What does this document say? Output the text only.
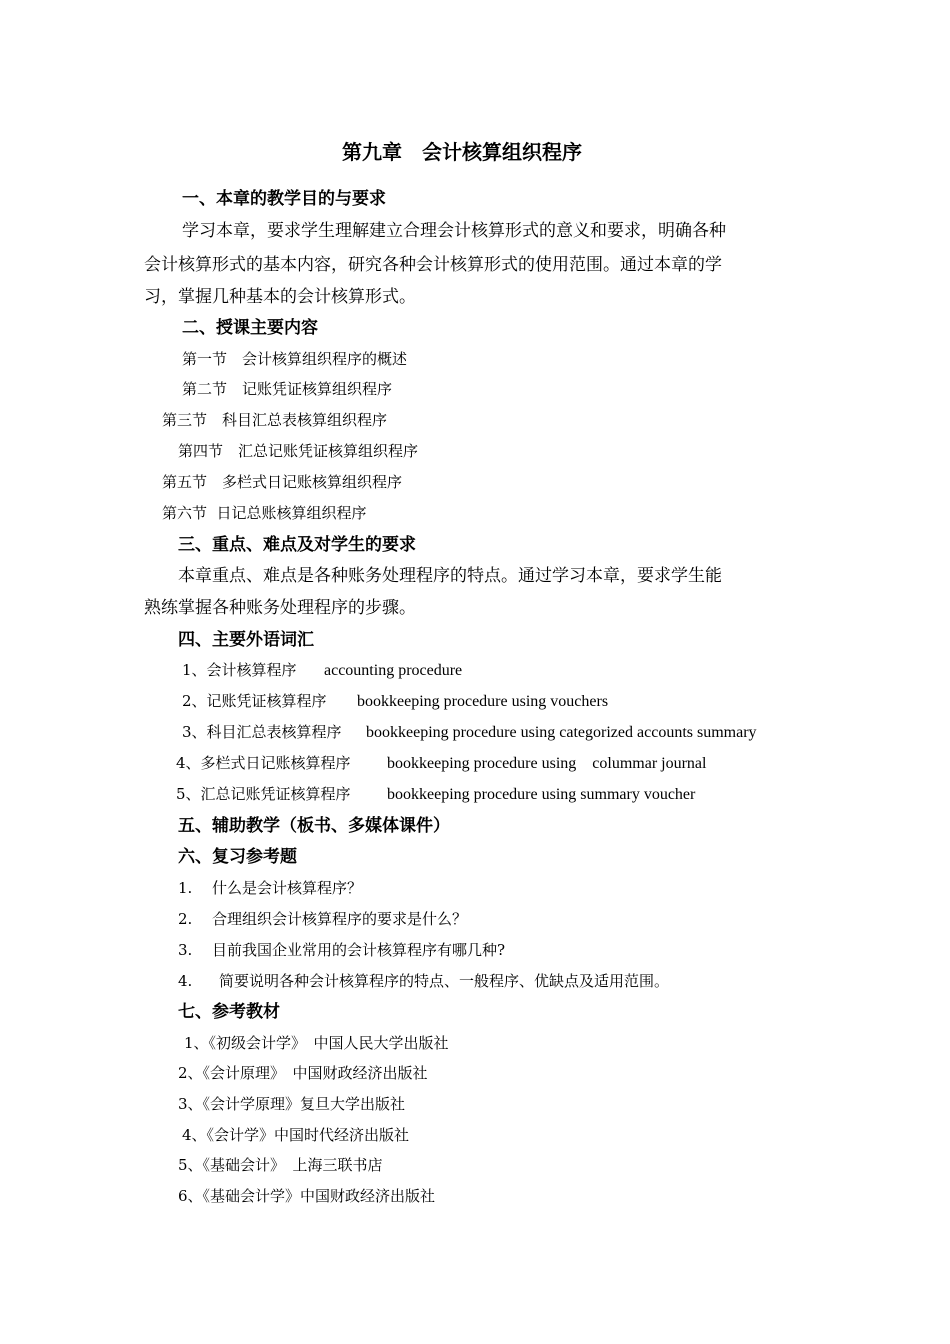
第九章　会计核算组织程序
一、本章的教学目的与要求
学习本章，要求学生理解建立合理会计核算形式的意义和要求，明确各种
会计核算形式的基本内容，研究各种会计核算形式的使用范围。通过本章的学
习，掌握几种基本的会计核算形式。
二、授课主要内容
第一节　会计核算组织程序的概述
第二节　记账凭证核算组织程序
第三节　科目汇总表核算组织程序
第四节　汇总记账凭证核算组织程序
第五节　多栏式日记账核算组织程序
第六节  日记总账核算组织程序
三、重点、难点及对学生的要求
本章重点、难点是各种账务处理程序的特点。通过学习本章，要求学生能
熟练掌握各种账务处理程序的步骤。
四、主要外语词汇
1、会计核算程序 accounting procedure
2、记账凭证核算程序 bookkeeping procedure using vouchers
3、科目汇总表核算程序 bookkeeping procedure using categorized accounts summary
4、多栏式日记账核算程序 bookkeeping procedure using    colummar journal
5、汇总记账凭证核算程序 bookkeeping procedure using summary voucher
五、辅助教学（板书、多媒体课件）
六、复习参考题
1. 什么是会计核算程序？
2. 合理组织会计核算程序的要求是什么？
3. 目前我国企业常用的会计核算程序有哪几种?
4. 简要说明各种会计核算程序的特点、一般程序、优缺点及适用范围。
七、参考教材
1、《初级会计学》　中国人民大学出版社
2、《会计原理》　中国财政经济出版社
3、《会计学原理》复旦大学出版社
4、《会计学》中国时代经济出版社
5、《基础会计》　上海三联书店
6、《基础会计学》中国财政经济出版社
